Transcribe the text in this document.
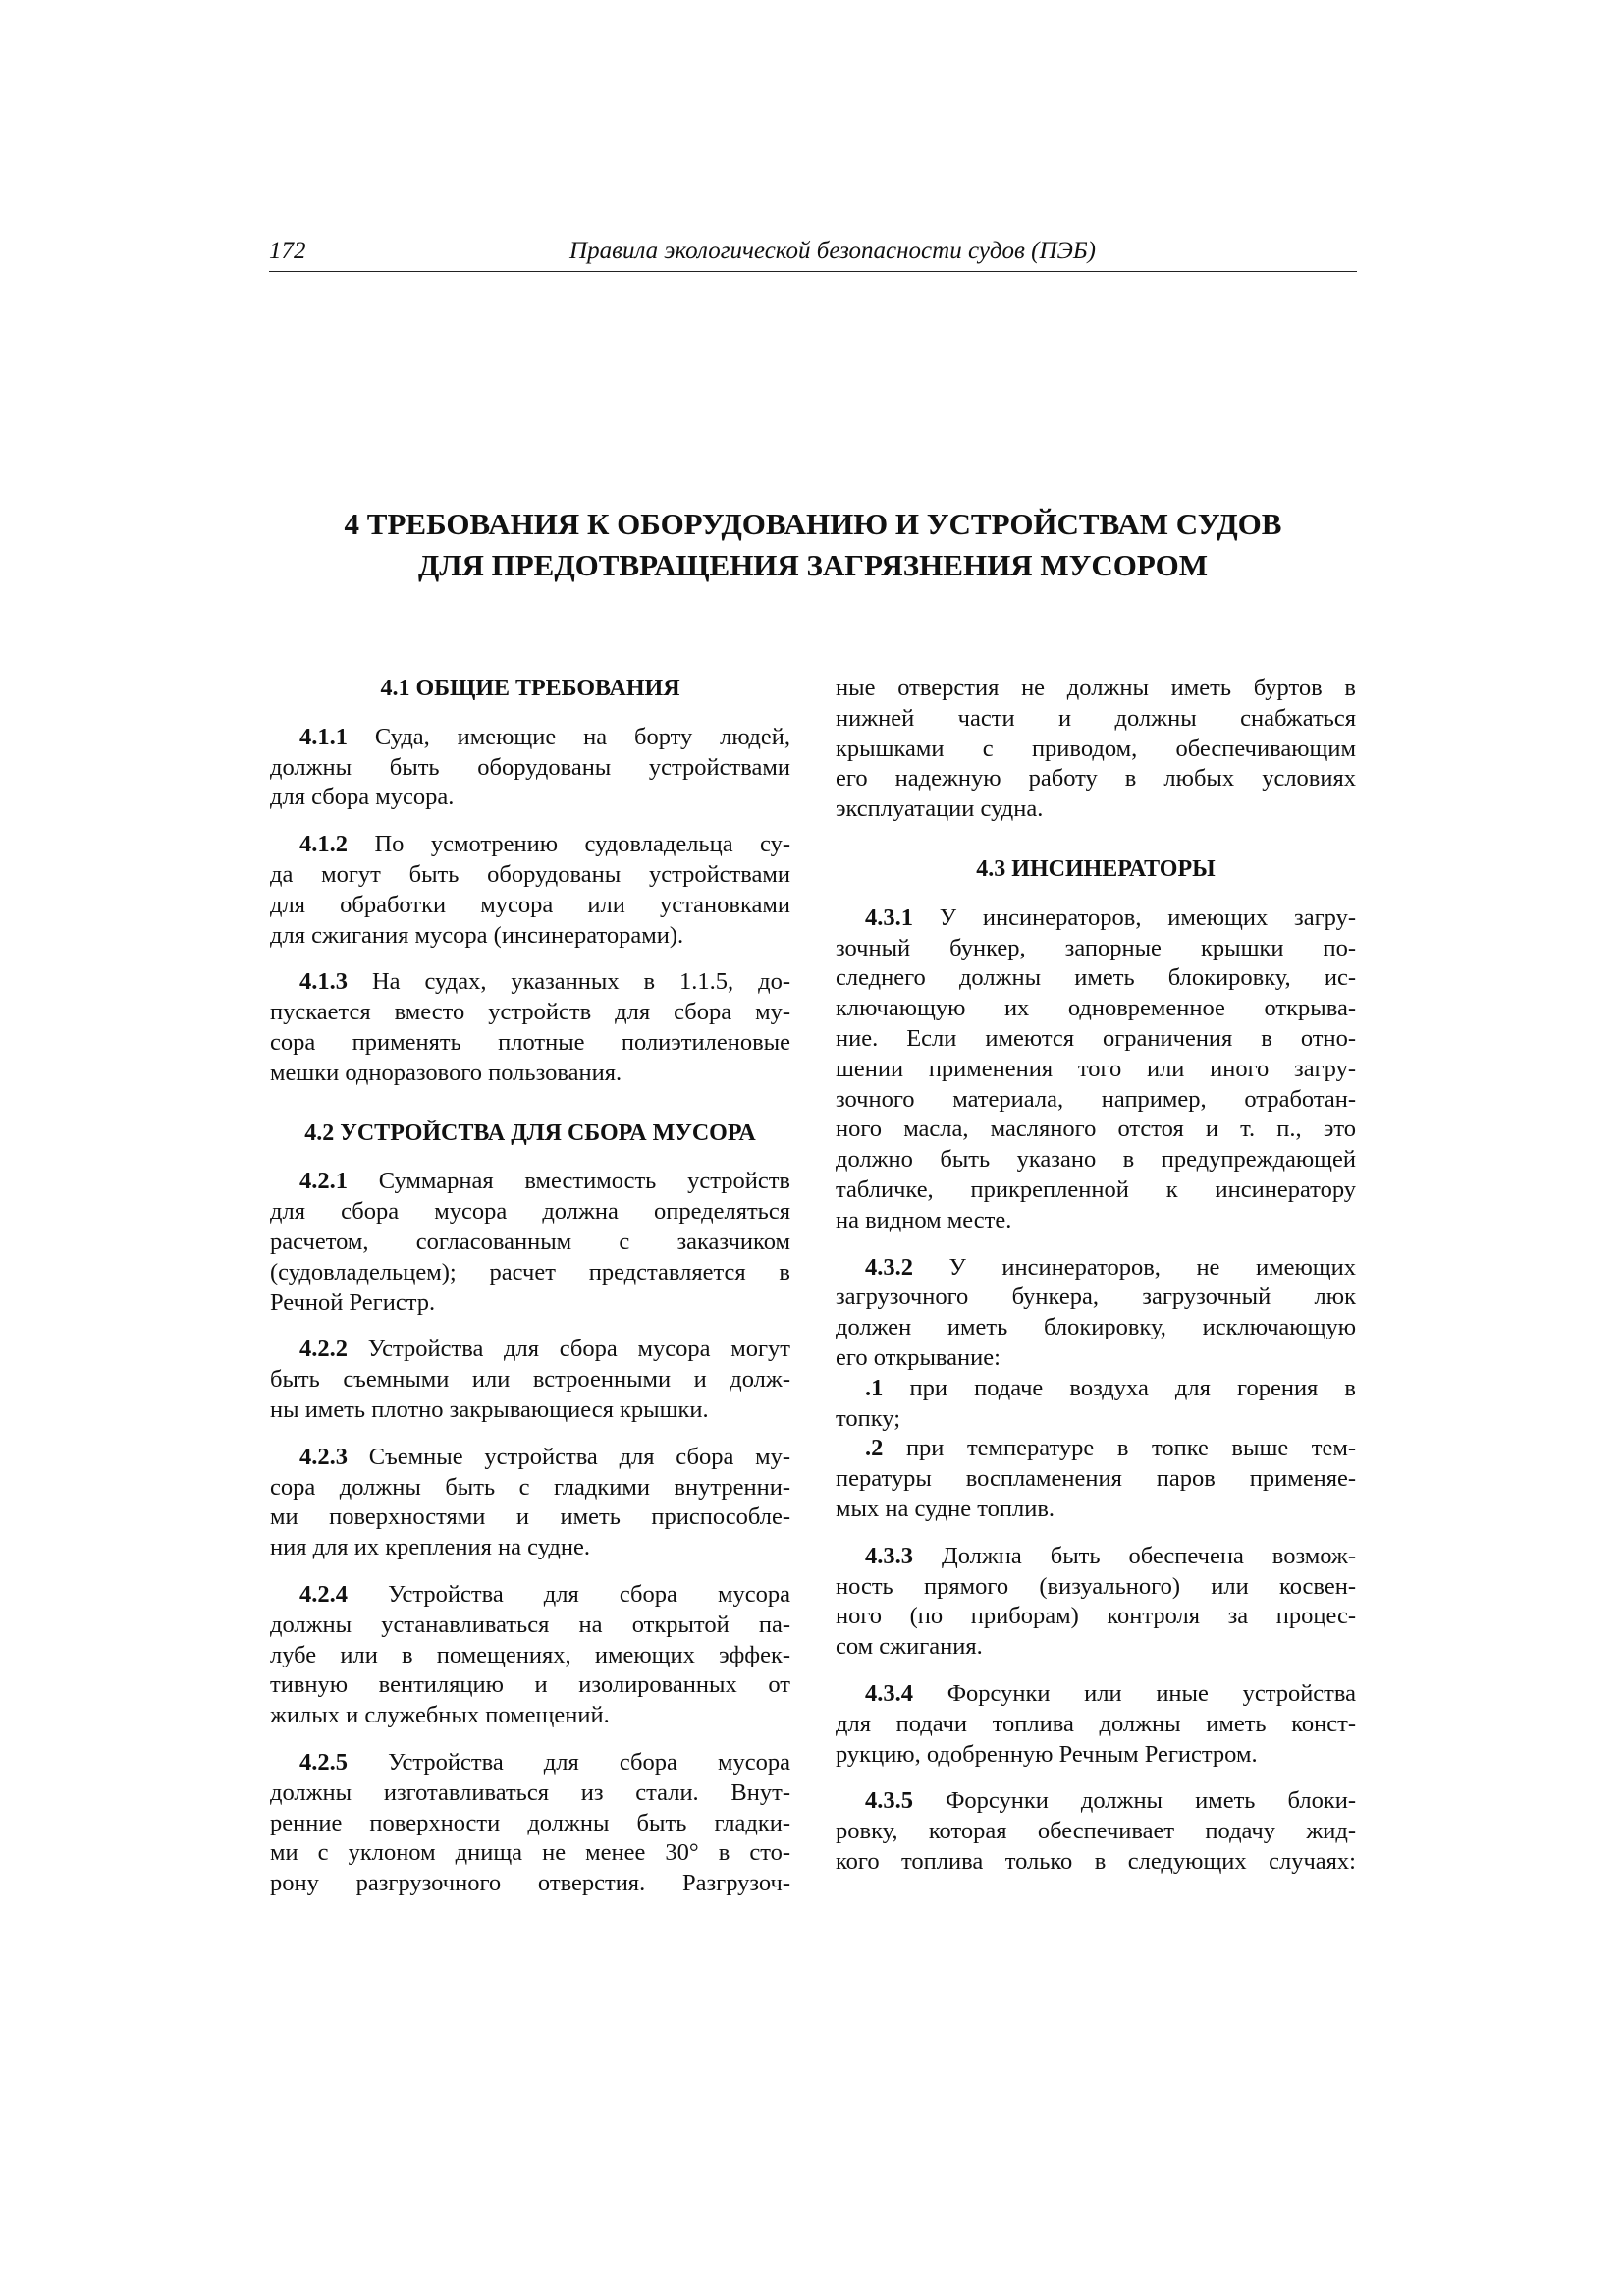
172	Правила экологической безопасности судов (ПЭБ)
4 ТРЕБОВАНИЯ К ОБОРУДОВАНИЮ И УСТРОЙСТВАМ СУДОВ
ДЛЯ ПРЕДОТВРАЩЕНИЯ ЗАГРЯЗНЕНИЯ МУСОРОМ
4.1 ОБЩИЕ ТРЕБОВАНИЯ
4.1.1 Суда, имеющие на борту людей,
должны быть оборудованы устройствами
для сбора мусора.
4.1.2 По усмотрению судовладельца су-
да могут быть оборудованы устройствами
для обработки мусора или установками
для сжигания мусора (инсинераторами).
4.1.3 На судах, указанных в 1.1.5, до-
пускается вместо устройств для сбора му-
сора применять плотные полиэтиленовые
мешки одноразового пользования.
4.2 УСТРОЙСТВА ДЛЯ СБОРА МУСОРА
4.2.1 Суммарная вместимость устройств
для сбора мусора должна определяться
расчетом, согласованным с заказчиком
(судовладельцем); расчет представляется в
Речной Регистр.
4.2.2 Устройства для сбора мусора могут
быть съемными или встроенными и долж-
ны иметь плотно закрывающиеся крышки.
4.2.3 Съемные устройства для сбора му-
сора должны быть с гладкими внутренни-
ми поверхностями и иметь приспособле-
ния для их крепления на судне.
4.2.4 Устройства для сбора мусора
должны устанавливаться на открытой па-
лубе или в помещениях, имеющих эффек-
тивную вентиляцию и изолированных от
жилых и служебных помещений.
4.2.5 Устройства для сбора мусора
должны изготавливаться из стали. Внут-
ренние поверхности должны быть гладки-
ми с уклоном днища не менее 30° в сто-
рону разгрузочного отверстия. Разгрузоч-
ные отверстия не должны иметь буртов в
нижней части и должны снабжаться
крышками с приводом, обеспечивающим
его надежную работу в любых условиях
эксплуатации судна.
4.3 ИНСИНЕРАТОРЫ
4.3.1 У инсинераторов, имеющих загру-
зочный бункер, запорные крышки по-
следнего должны иметь блокировку, ис-
ключающую их одновременное открыва-
ние. Если имеются ограничения в отно-
шении применения того или иного загру-
зочного материала, например, отработан-
ного масла, масляного отстоя и т. п., это
должно быть указано в предупреждающей
табличке, прикрепленной к инсинератору
на видном месте.
4.3.2 У инсинераторов, не имеющих
загрузочного бункера, загрузочный люк
должен иметь блокировку, исключающую
его открывание:
.1 при подаче воздуха для горения в
топку;
.2 при температуре в топке выше тем-
пературы воспламенения паров применяе-
мых на судне топлив.
4.3.3 Должна быть обеспечена возмож-
ность прямого (визуального) или косвен-
ного (по приборам) контроля за процес-
сом сжигания.
4.3.4 Форсунки или иные устройства
для подачи топлива должны иметь конст-
рукцию, одобренную Речным Регистром.
4.3.5 Форсунки должны иметь блоки-
ровку, которая обеспечивает подачу жид-
кого топлива только в следующих случаях:
